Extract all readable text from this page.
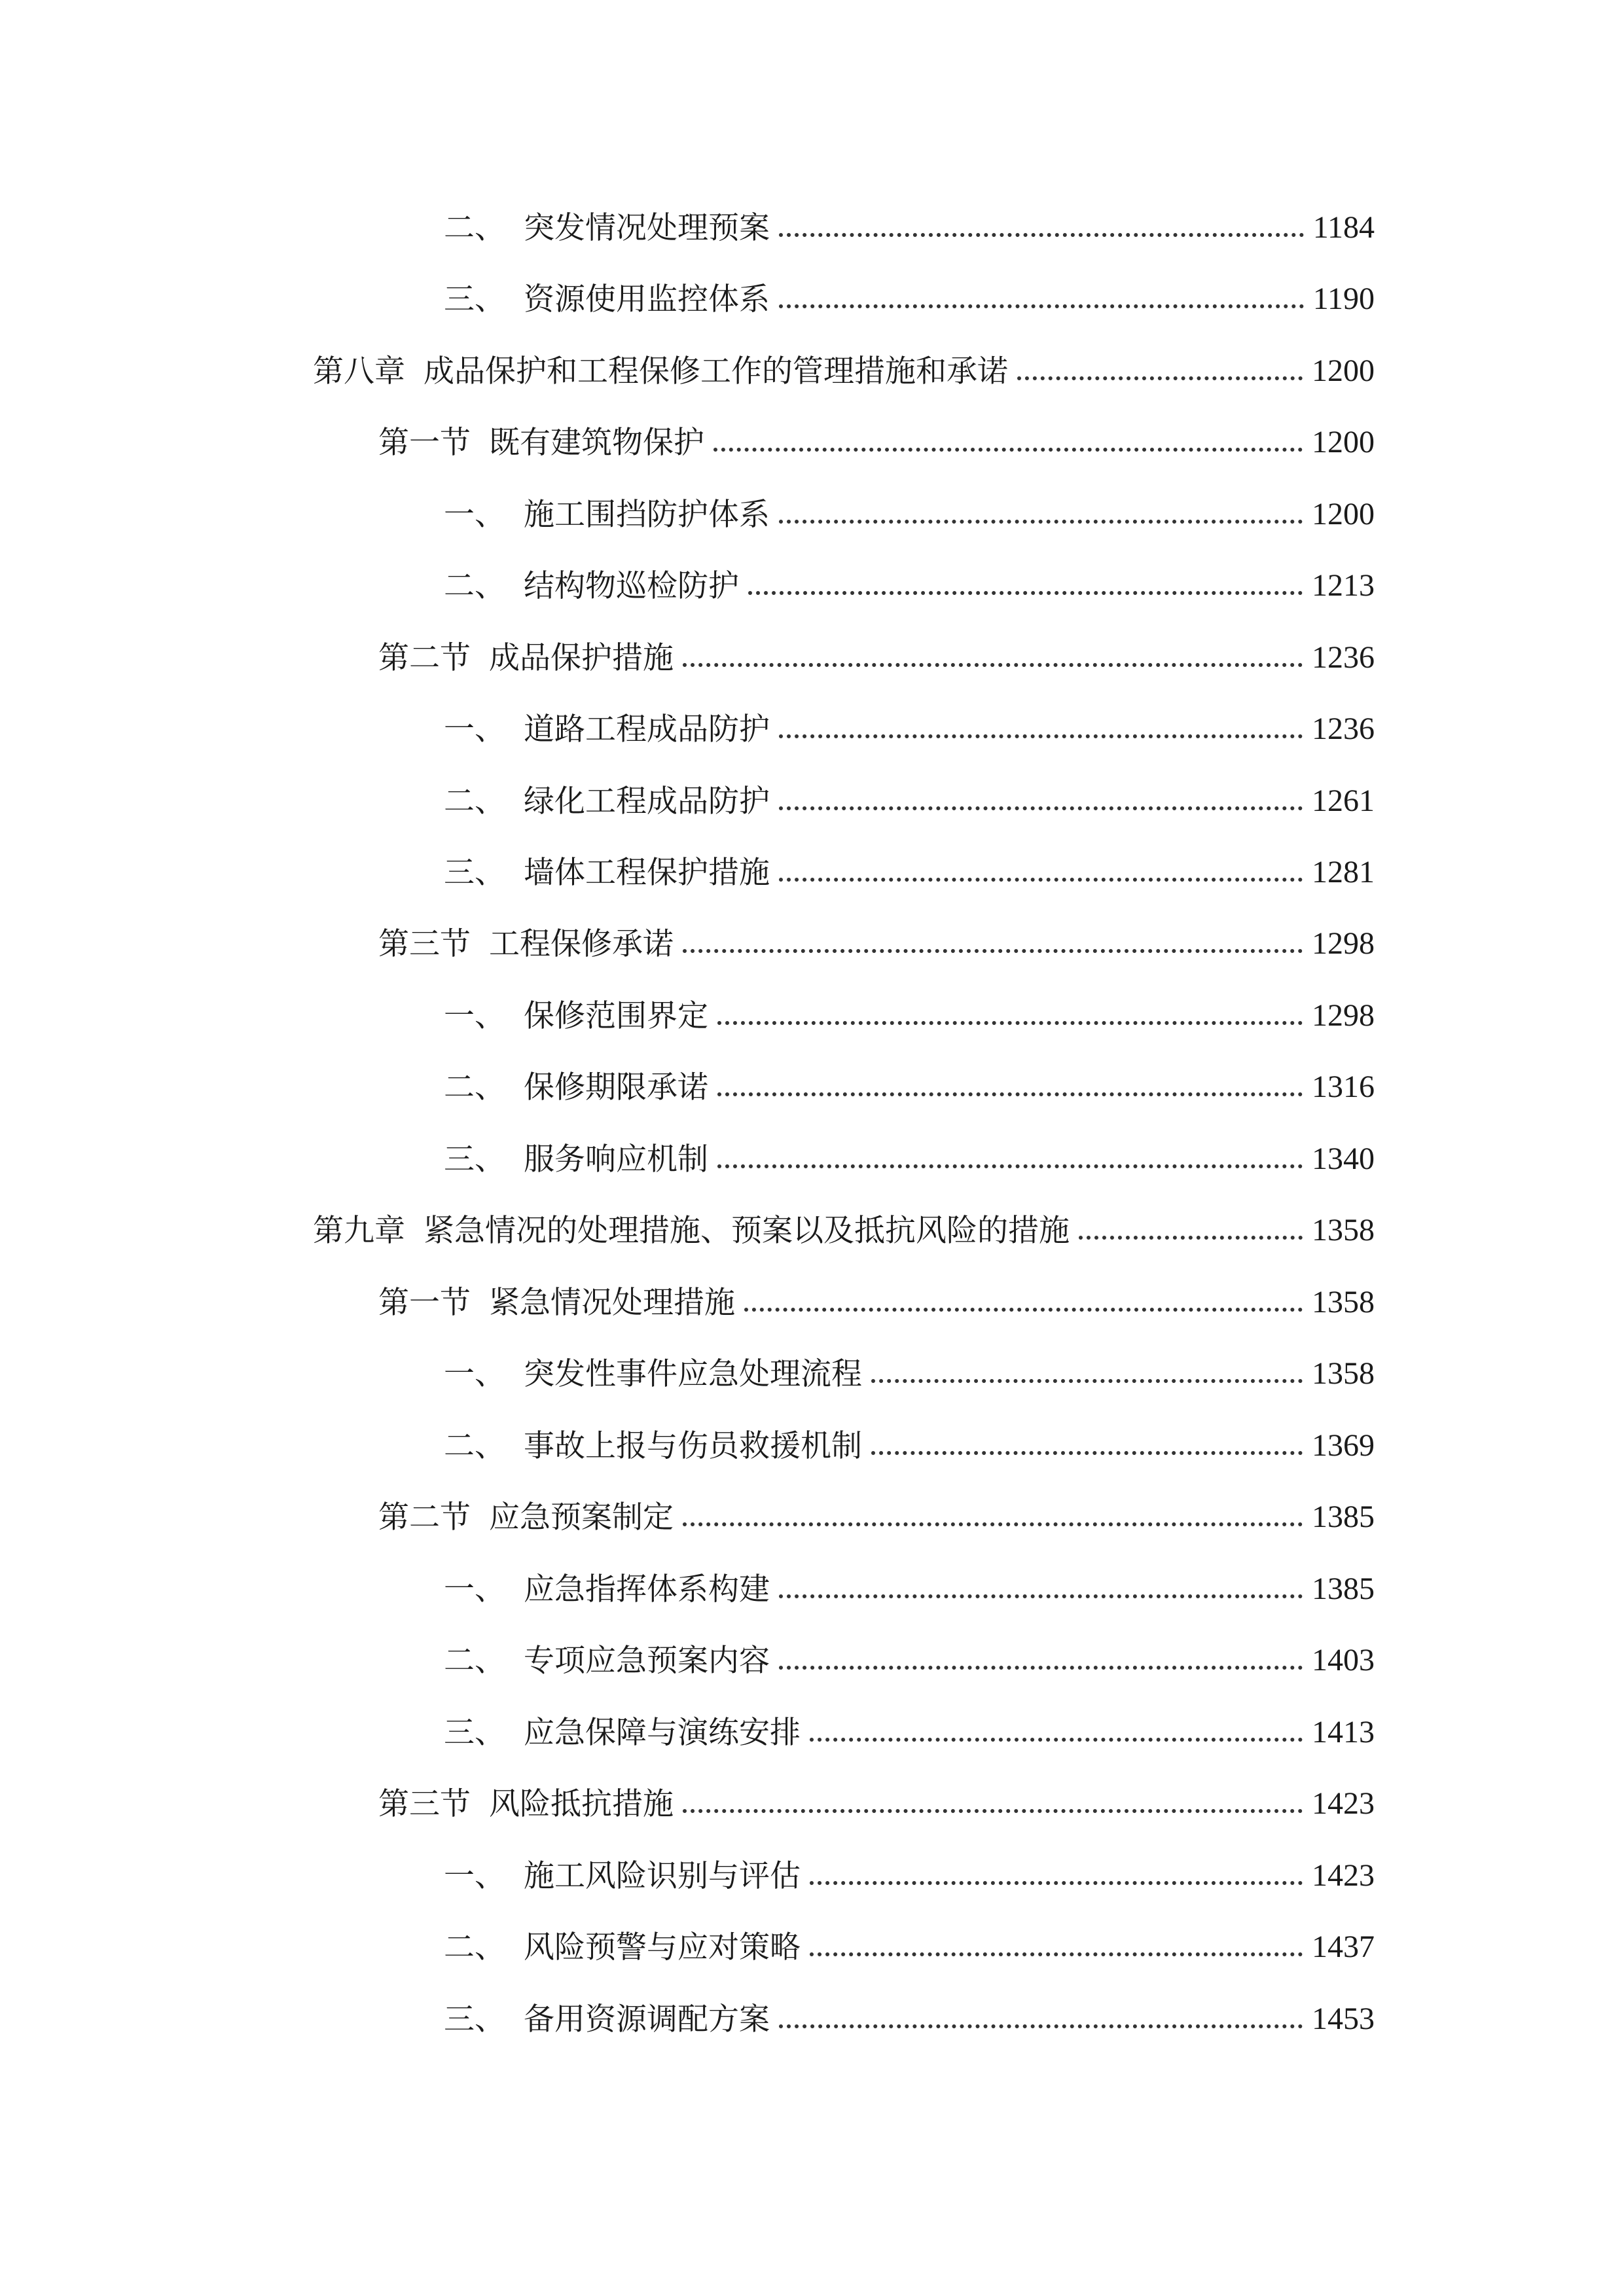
二、 突发情况处理预案	1184
三、 资源使用监控体系	1190
第八章 成品保护和工程保修工作的管理措施和承诺	1200
第一节 既有建筑物保护	1200
一、 施工围挡防护体系	1200
二、 结构物巡检防护	1213
第二节 成品保护措施	1236
一、 道路工程成品防护	1236
二、 绿化工程成品防护	1261
三、 墙体工程保护措施	1281
第三节 工程保修承诺	1298
一、 保修范围界定	1298
二、 保修期限承诺	1316
三、 服务响应机制	1340
第九章 紧急情况的处理措施、预案以及抵抗风险的措施	1358
第一节 紧急情况处理措施	1358
一、 突发性事件应急处理流程	1358
二、 事故上报与伤员救援机制	1369
第二节 应急预案制定	1385
一、 应急指挥体系构建	1385
二、 专项应急预案内容	1403
三、 应急保障与演练安排	1413
第三节 风险抵抗措施	1423
一、 施工风险识别与评估	1423
二、 风险预警与应对策略	1437
三、 备用资源调配方案	1453
